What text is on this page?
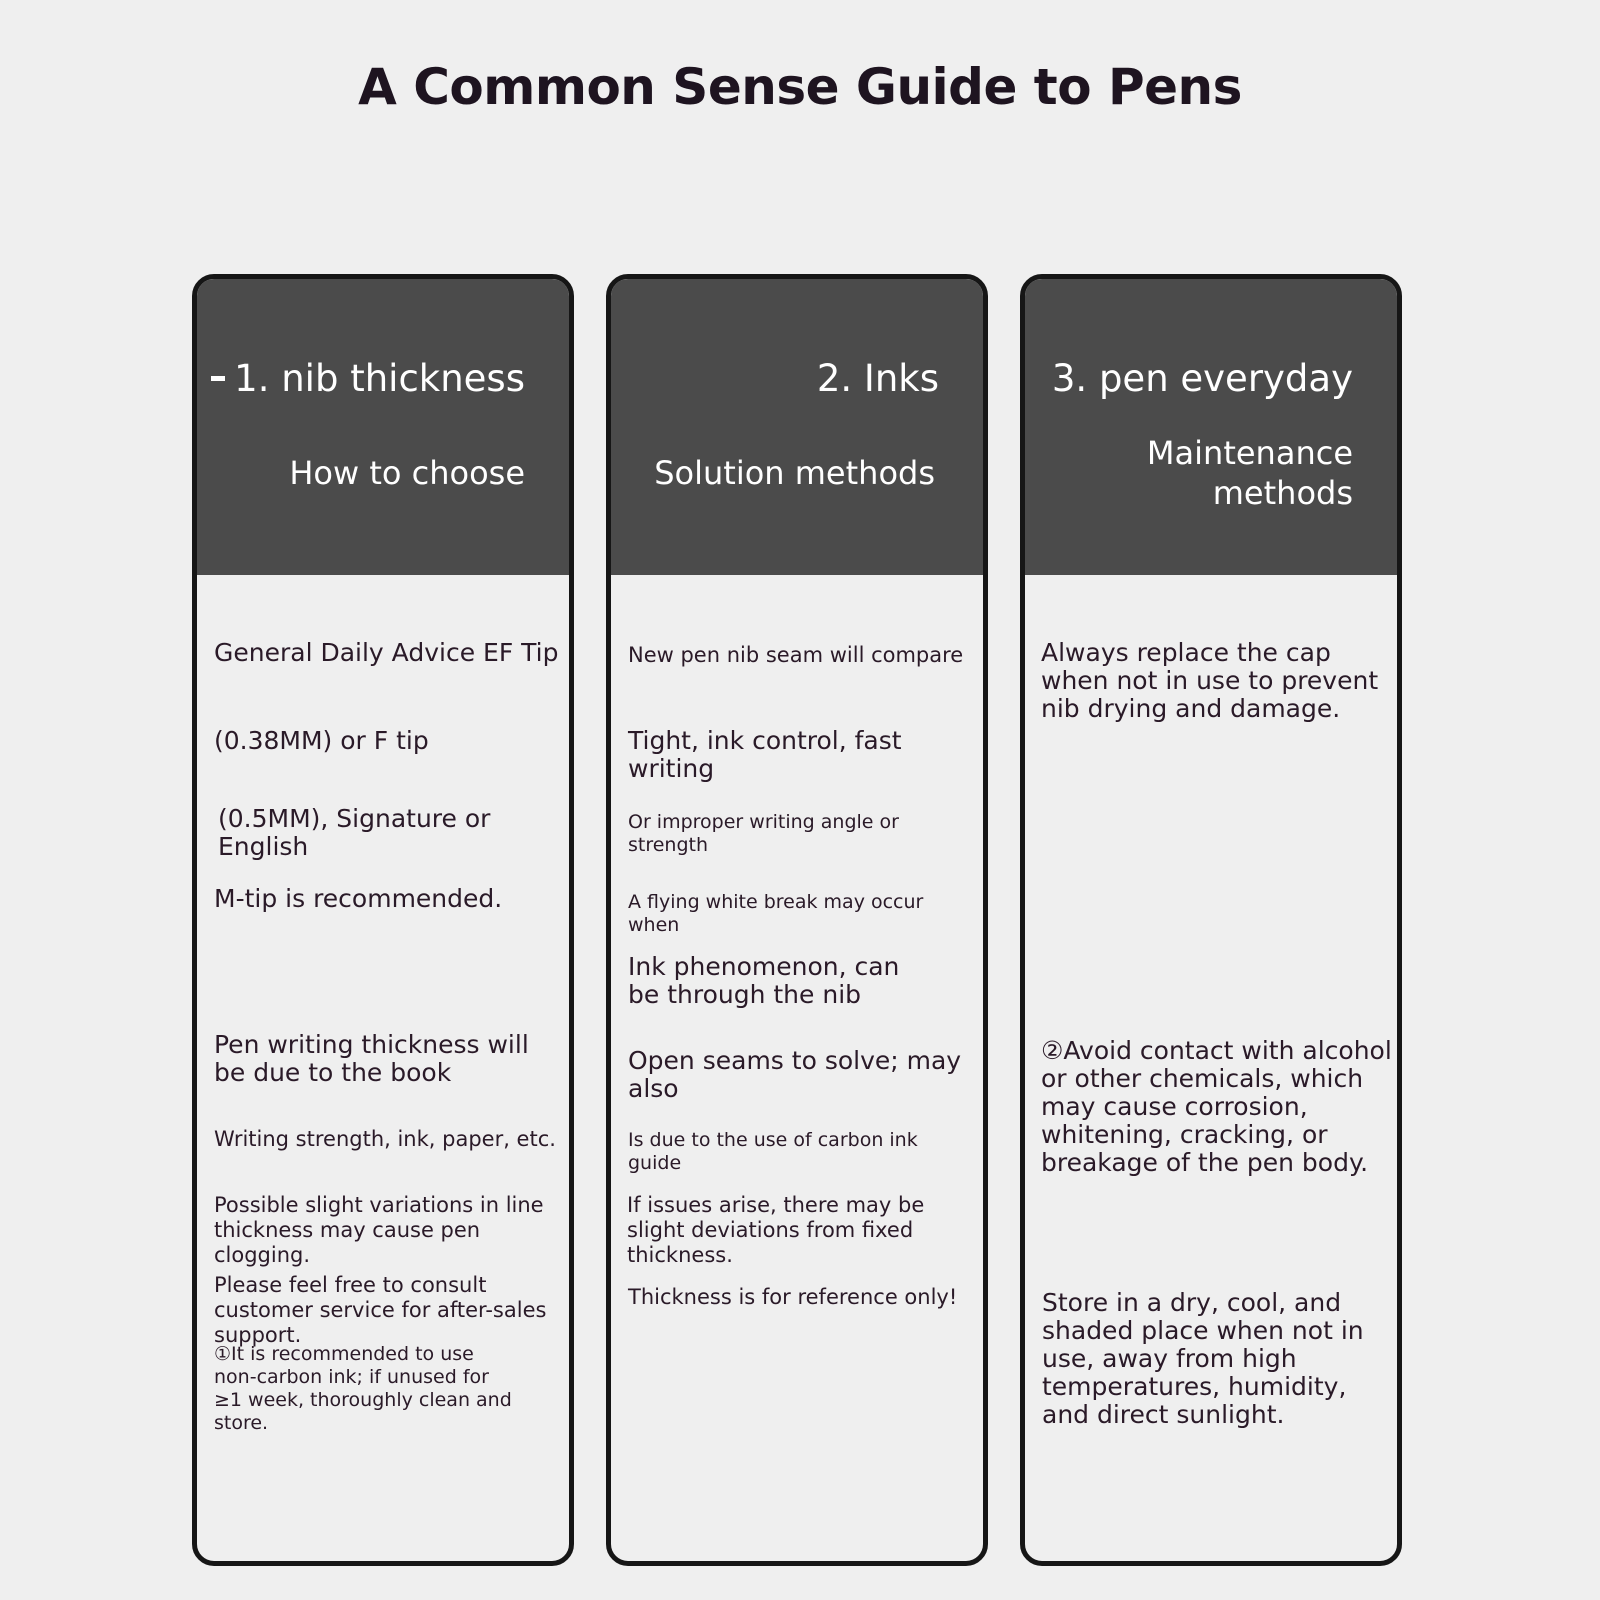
A Common Sense Guide to Pens
1. nib thickness
How to choose
General Daily Advice EF Tip
(0.38MM) or F tip
(0.5MM), Signature or English
M-tip is recommended.
Pen writing thickness will be due to the book
Writing strength, ink, paper, etc.
Possible slight variations in line thickness may cause pen clogging.
Please feel free to consult customer service for after-sales support.
①It is recommended to use non-carbon ink; if unused for ≥1 week, thoroughly clean and store.
2. Inks
Solution methods
New pen nib seam will compare
Tight, ink control, fast writing
Or improper writing angle or strength
A flying white break may occur when
Ink phenomenon, can be through the nib
Open seams to solve; may also
Is due to the use of carbon ink guide
If issues arise, there may be slight deviations from fixed thickness.
Thickness is for reference only!
3. pen everyday
Maintenance methods
Always replace the cap when not in use to prevent nib drying and damage.
②Avoid contact with alcohol or other chemicals, which may cause corrosion, whitening, cracking, or breakage of the pen body.
Store in a dry, cool, and shaded place when not in use, away from high temperatures, humidity, and direct sunlight.
